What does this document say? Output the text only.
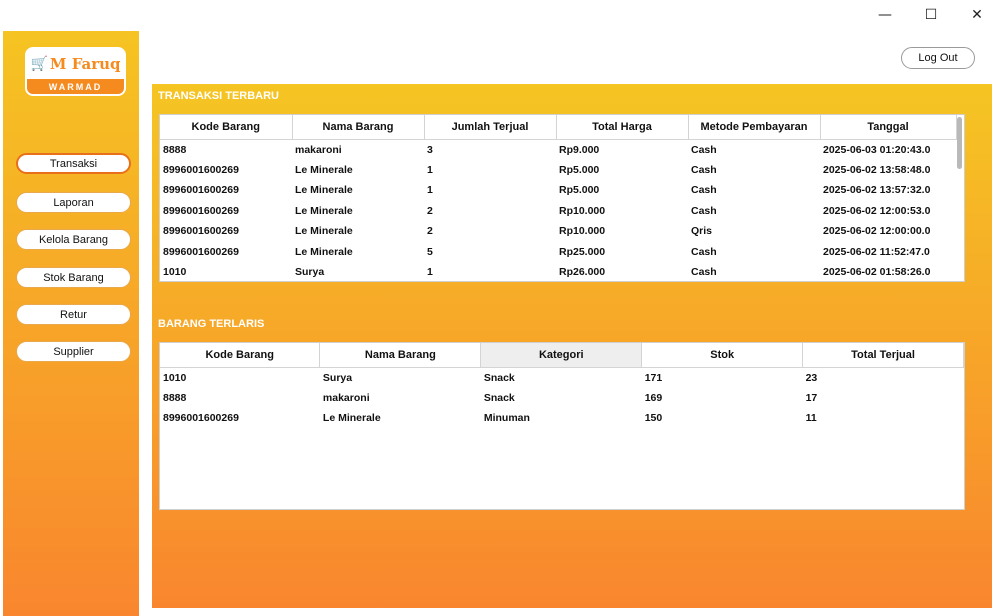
—	☐	✕
🛒 M Faruq
WARMAD
Transaksi
Laporan
Kelola Barang
Stok Barang
Retur
Supplier
Log Out
TRANSAKSI TERBARU
Kode Barang	Nama Barang	Jumlah Terjual	Total Harga	Metode Pembayaran	Tanggal
8888	makaroni	3	Rp9.000	Cash	2025-06-03 01:20:43.0
8996001600269	Le Minerale	1	Rp5.000	Cash	2025-06-02 13:58:48.0
8996001600269	Le Minerale	1	Rp5.000	Cash	2025-06-02 13:57:32.0
8996001600269	Le Minerale	2	Rp10.000	Cash	2025-06-02 12:00:53.0
8996001600269	Le Minerale	2	Rp10.000	Qris	2025-06-02 12:00:00.0
8996001600269	Le Minerale	5	Rp25.000	Cash	2025-06-02 11:52:47.0
1010	Surya	1	Rp26.000	Cash	2025-06-02 01:58:26.0
BARANG TERLARIS
Kode Barang	Nama Barang	Kategori	Stok	Total Terjual
1010	Surya	Snack	171	23
8888	makaroni	Snack	169	17
8996001600269	Le Minerale	Minuman	150	11
